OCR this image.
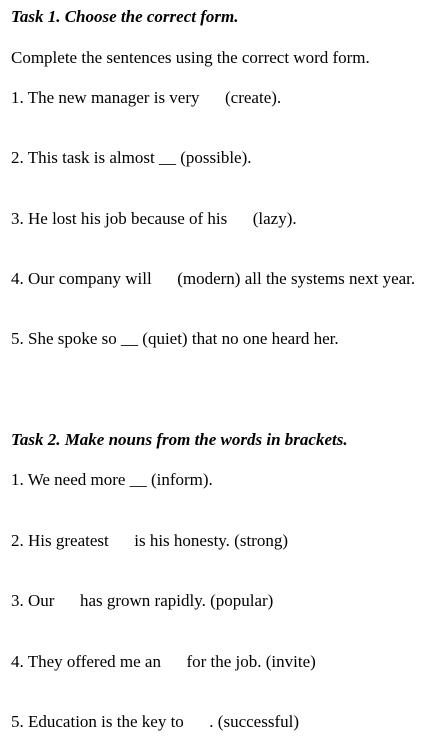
Task 1. Choose the correct form.

Complete the sentences using the correct word form.

1. The new manager is very      (create).

2. This task is almost __ (possible).

3. He lost his job because of his      (lazy).

4. Our company will      (modern) all the systems next year.

5. She spoke so __ (quiet) that no one heard her.

Task 2. Make nouns from the words in brackets.

1. We need more __ (inform).

2. His greatest      is his honesty. (strong)

3. Our      has grown rapidly. (popular)

4. They offered me an      for the job. (invite)

5. Education is the key to      . (successful)
